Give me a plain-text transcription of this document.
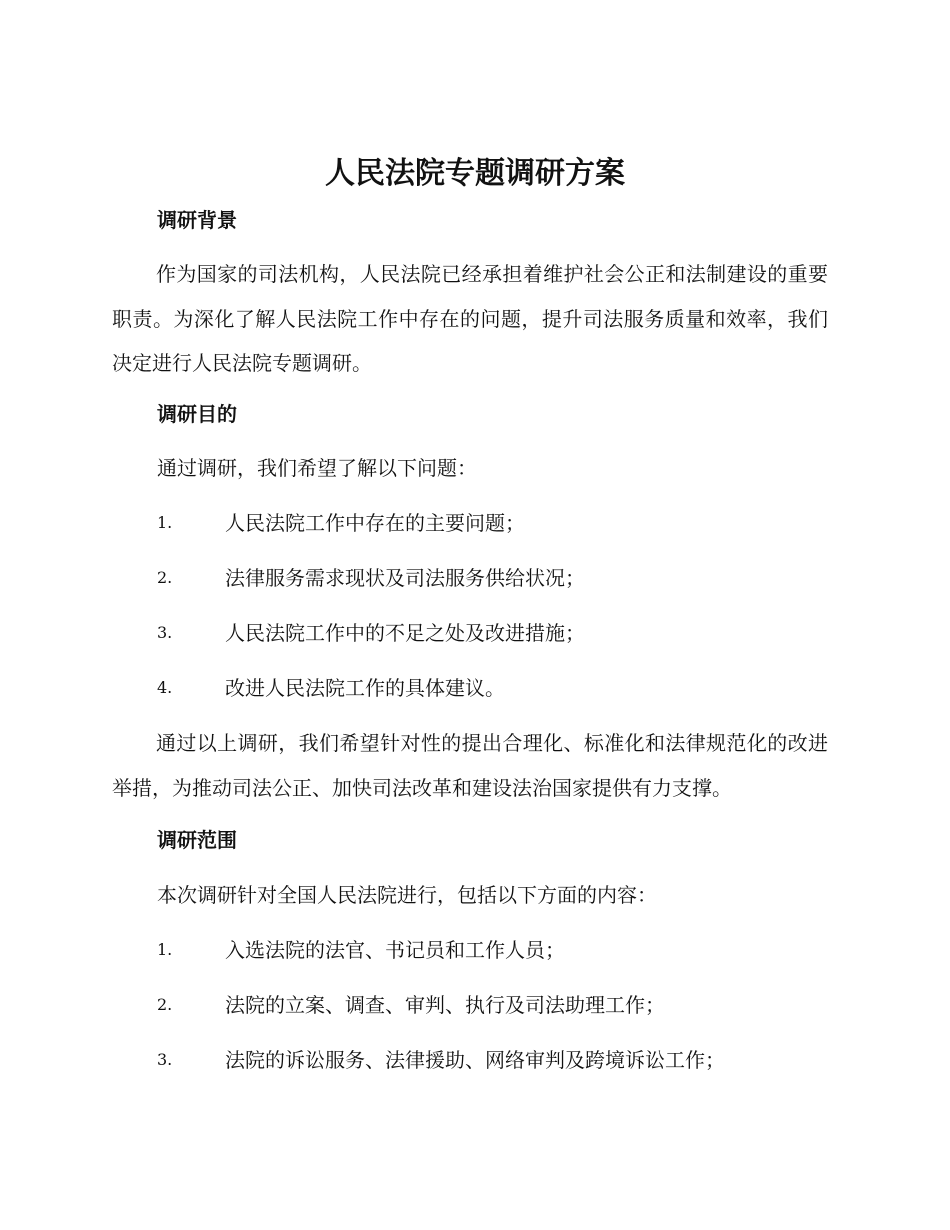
人民法院专题调研方案
调研背景
作为国家的司法机构，人民法院已经承担着维护社会公正和法制建设的重要职责。为深化了解人民法院工作中存在的问题，提升司法服务质量和效率，我们决定进行人民法院专题调研。
调研目的
通过调研，我们希望了解以下问题：
1.	人民法院工作中存在的主要问题；
2.	法律服务需求现状及司法服务供给状况；
3.	人民法院工作中的不足之处及改进措施；
4.	改进人民法院工作的具体建议。
通过以上调研，我们希望针对性的提出合理化、标准化和法律规范化的改进举措，为推动司法公正、加快司法改革和建设法治国家提供有力支撑。
调研范围
本次调研针对全国人民法院进行，包括以下方面的内容：
1.	入选法院的法官、书记员和工作人员；
2.	法院的立案、调查、审判、执行及司法助理工作；
3.	法院的诉讼服务、法律援助、网络审判及跨境诉讼工作；
